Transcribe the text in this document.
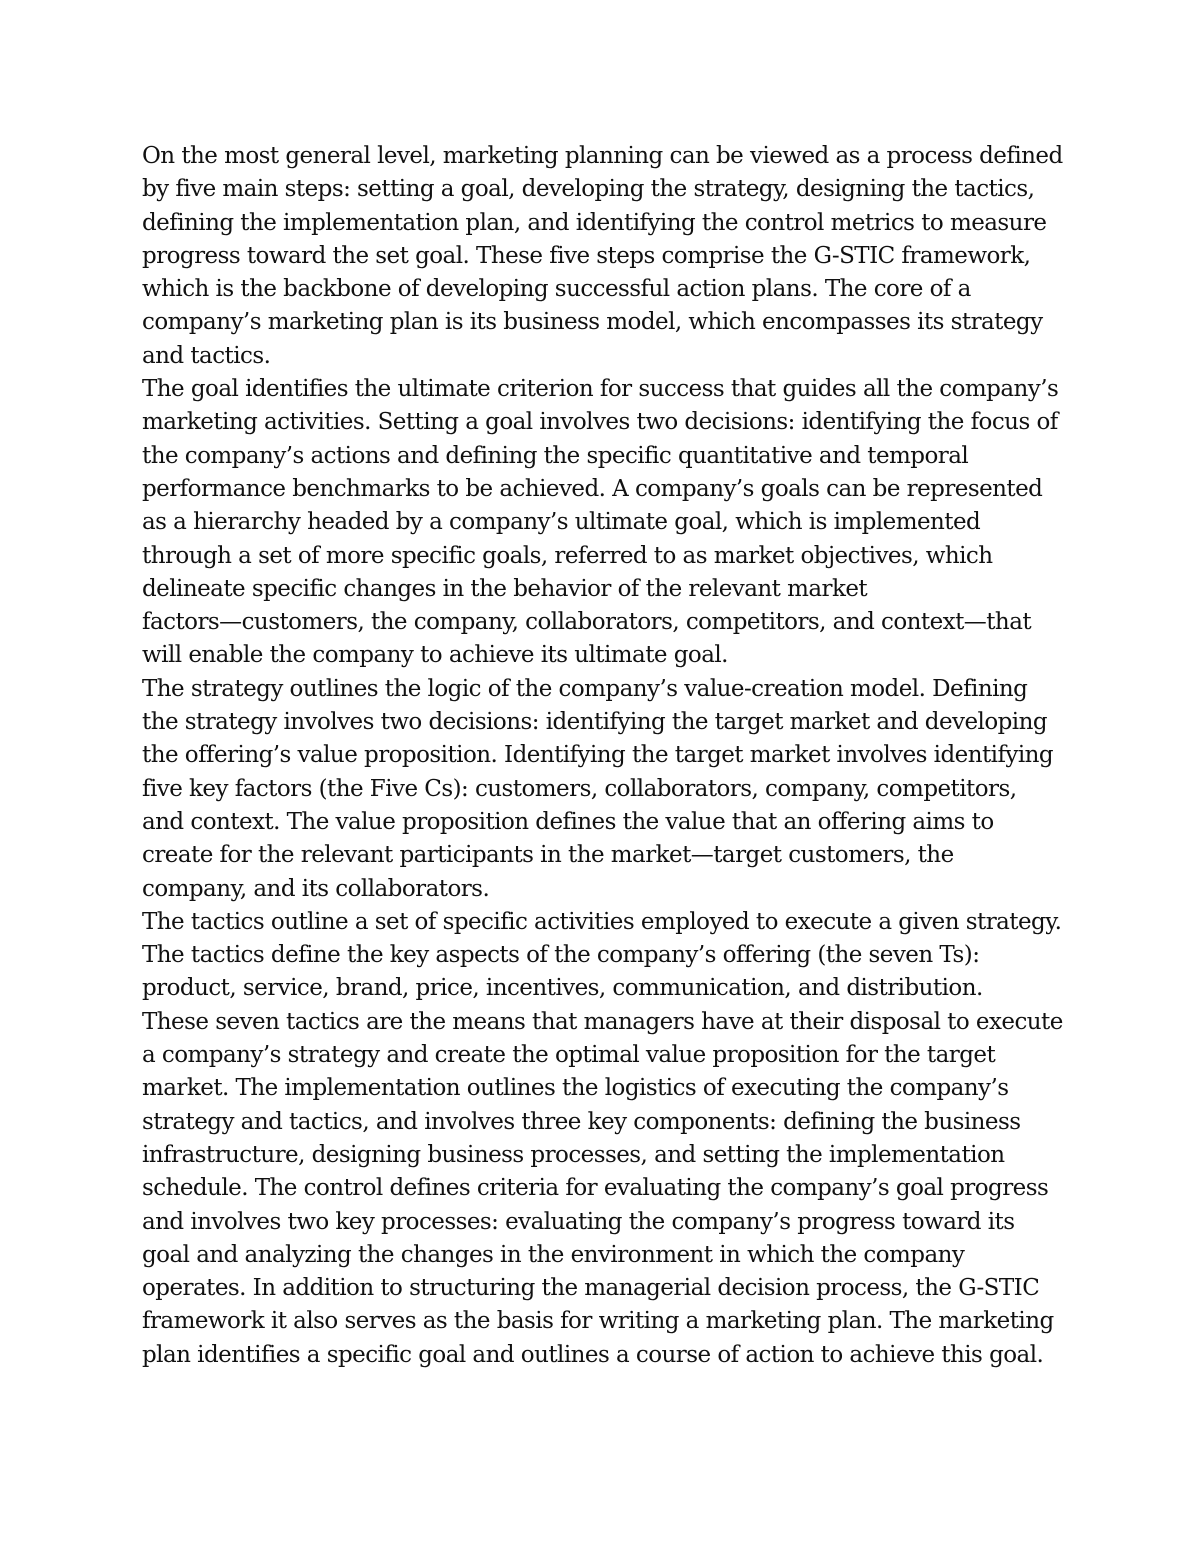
On the most general level, marketing planning can be viewed as a process defined
by five main steps: setting a goal, developing the strategy, designing the tactics,
defining the implementation plan, and identifying the control metrics to measure
progress toward the set goal. These five steps comprise the G-STIC framework,
which is the backbone of developing successful action plans. The core of a
company’s marketing plan is its business model, which encompasses its strategy
and tactics.
The goal identifies the ultimate criterion for success that guides all the company’s
marketing activities. Setting a goal involves two decisions: identifying the focus of
the company’s actions and defining the specific quantitative and temporal
performance benchmarks to be achieved. A company’s goals can be represented
as a hierarchy headed by a company’s ultimate goal, which is implemented
through a set of more specific goals, referred to as market objectives, which
delineate specific changes in the behavior of the relevant market
factors—customers, the company, collaborators, competitors, and context—that
will enable the company to achieve its ultimate goal.
The strategy outlines the logic of the company’s value-creation model. Defining
the strategy involves two decisions: identifying the target market and developing
the offering’s value proposition. Identifying the target market involves identifying
five key factors (the Five Cs): customers, collaborators, company, competitors,
and context. The value proposition defines the value that an offering aims to
create for the relevant participants in the market—target customers, the
company, and its collaborators.
The tactics outline a set of specific activities employed to execute a given strategy.
The tactics define the key aspects of the company’s offering (the seven Ts):
product, service, brand, price, incentives, communication, and distribution.
These seven tactics are the means that managers have at their disposal to execute
a company’s strategy and create the optimal value proposition for the target
market. The implementation outlines the logistics of executing the company’s
strategy and tactics, and involves three key components: defining the business
infrastructure, designing business processes, and setting the implementation
schedule. The control defines criteria for evaluating the company’s goal progress
and involves two key processes: evaluating the company’s progress toward its
goal and analyzing the changes in the environment in which the company
operates. In addition to structuring the managerial decision process, the G-STIC
framework it also serves as the basis for writing a marketing plan. The marketing
plan identifies a specific goal and outlines a course of action to achieve this goal.
